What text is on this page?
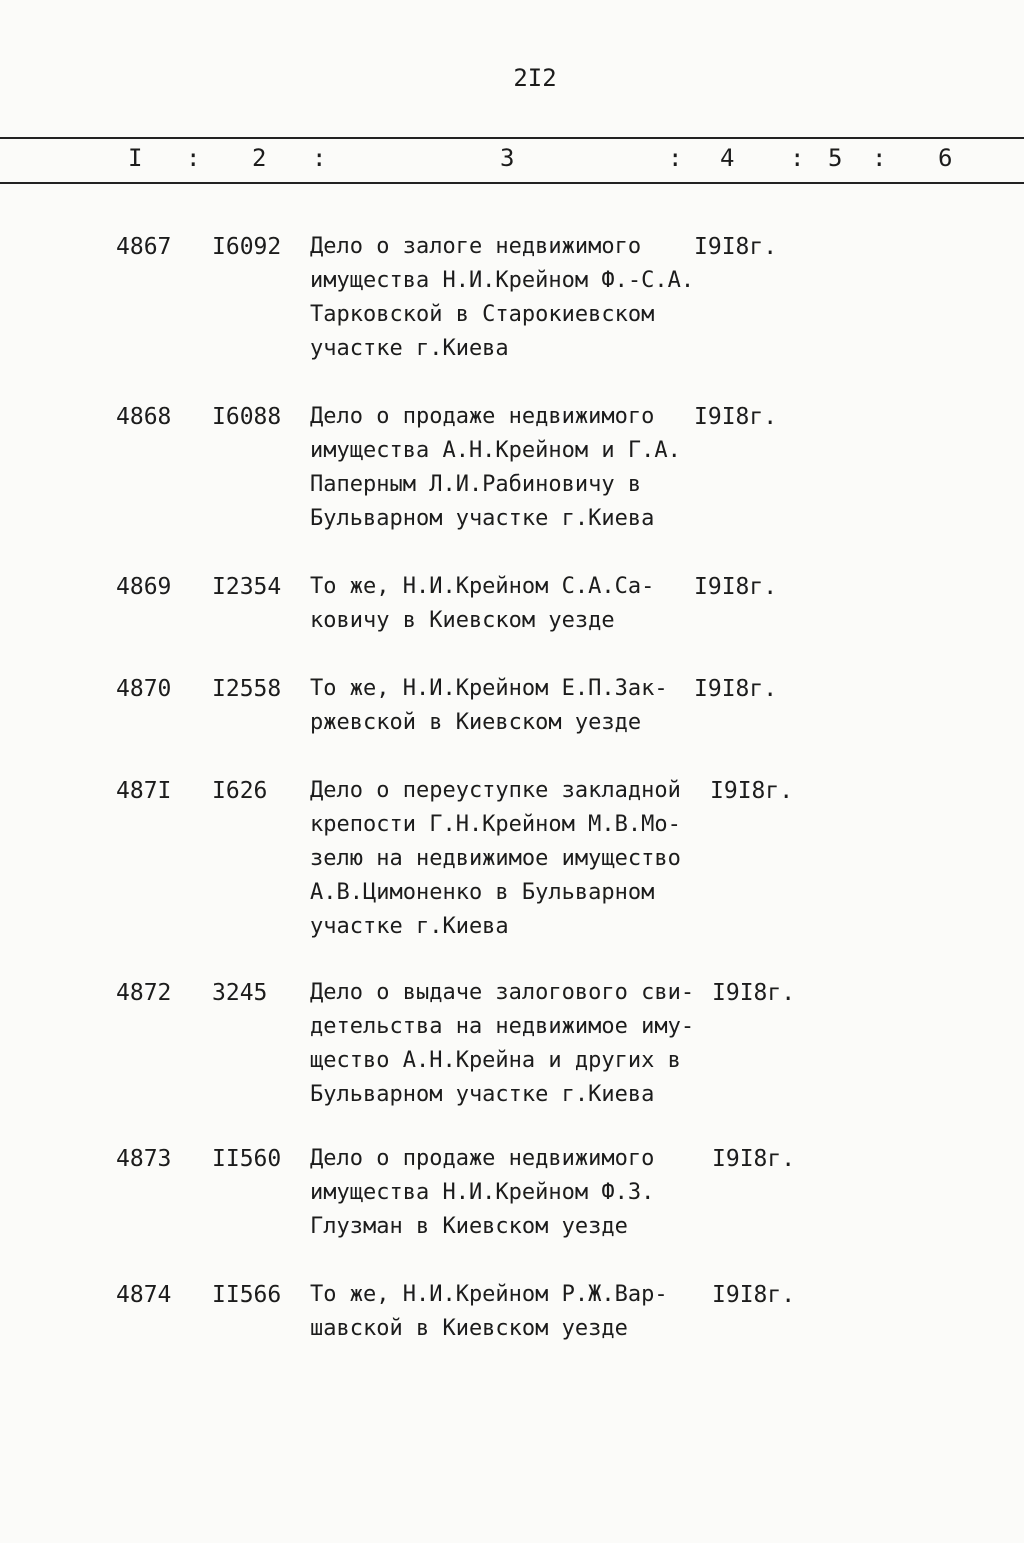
2I2
I : 2 :	3	: 4 : 5 : 6
4867 I6092 Дело о залоге недвижимого
имущества Н.И.Крейном Ф.-С.А.
Тарковской в Старокиевском
участке г.Киева
I9I8г.
4868 I6088 Дело о продаже недвижимого
имущества А.Н.Крейном и Г.А.
Паперным Л.И.Рабиновичу в
Бульварном участке г.Киева
I9I8г.
4869 I2354 То же, Н.И.Крейном С.А.Са-
ковичу в Киевском уезде
I9I8г.
4870 I2558 То же, Н.И.Крейном Е.П.Зак-
ржевской в Киевском уезде
I9I8г.
487I I626 Дело о переуступке закладной
крепости Г.Н.Крейном М.В.Мо-
зелю на недвижимое имущество
А.В.Цимоненко в Бульварном
участке г.Киева
I9I8г.
4872 3245 Дело о выдаче залогового сви-
детельства на недвижимое иму-
щество А.Н.Крейна и других в
Бульварном участке г.Киева
I9I8г.
4873 II560 Дело о продаже недвижимого
имущества Н.И.Крейном Ф.З.
Глузман в Киевском уезде
I9I8г.
4874 II566 То же, Н.И.Крейном Р.Ж.Вар-
шавской в Киевском уезде
I9I8г.
